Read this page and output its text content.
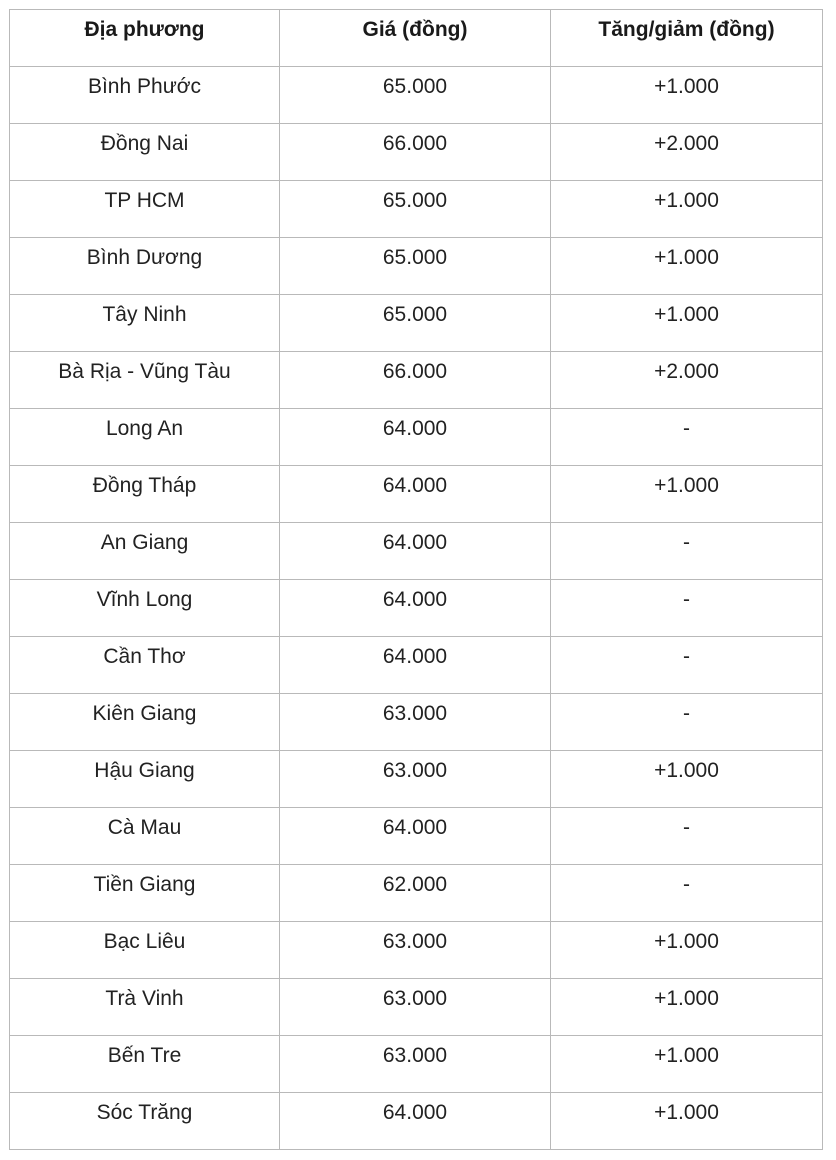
Địa phương	Giá (đồng)	Tăng/giảm (đồng)

Bình Phước	65.000	+1.000

Đồng Nai	66.000	+2.000

TP HCM	65.000	+1.000

Bình Dương	65.000	+1.000

Tây Ninh	65.000	+1.000

Bà Rịa - Vũng Tàu	66.000	+2.000

Long An	64.000	-

Đồng Tháp	64.000	+1.000

An Giang	64.000	-

Vĩnh Long	64.000	-

Cần Thơ	64.000	-

Kiên Giang	63.000	-

Hậu Giang	63.000	+1.000

Cà Mau	64.000	-

Tiền Giang	62.000	-

Bạc Liêu	63.000	+1.000

Trà Vinh	63.000	+1.000

Bến Tre	63.000	+1.000

Sóc Trăng	64.000	+1.000
